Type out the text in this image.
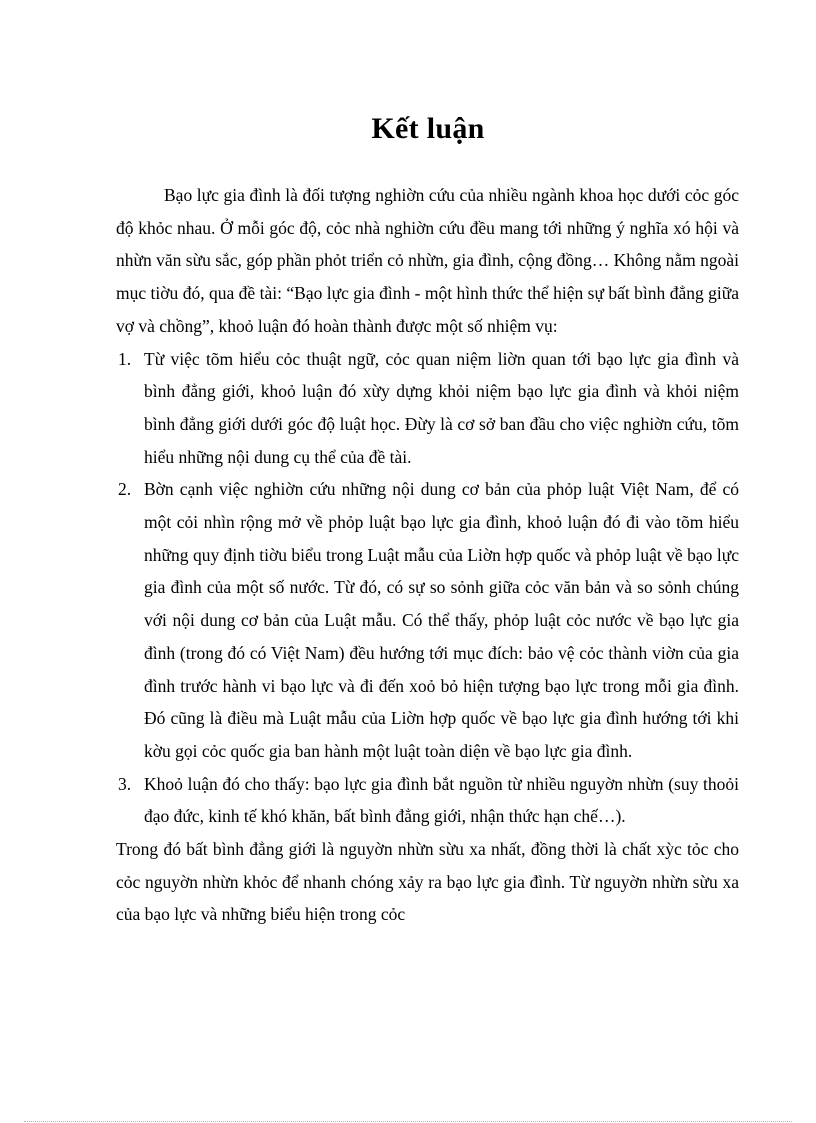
Kết luận

Bạo lực gia đình là đối tượng nghiờn cứu của nhiều ngành khoa học dưới cỏc góc độ khỏc nhau. Ở mỗi góc độ, cỏc nhà nghiờn cứu đều mang tới những ý nghĩa xó hội và nhừn văn sừu sắc, góp phần phỏt triển cỏ nhừn, gia đình, cộng đồng… Không nằm ngoài mục tiờu đó, qua đề tài: “Bạo lực gia đình - một hình thức thể hiện sự bất bình đẳng giữa vợ và chồng”, khoỏ luận đó hoàn thành được một số nhiệm vụ:

1. Từ việc tõm hiểu cỏc thuật ngữ, cỏc quan niệm liờn quan tới bạo lực gia đình và bình đẳng giới, khoỏ luận đó xừy dựng khỏi niệm bạo lực gia đình và khỏi niệm bình đẳng giới dưới góc độ luật học. Đừy là cơ sở ban đầu cho việc nghiờn cứu, tõm hiểu những nội dung cụ thể của đề tài.
2. Bờn cạnh việc nghiờn cứu những nội dung cơ bản của phỏp luật Việt Nam, để có một cỏi nhìn rộng mở về phỏp luật bạo lực gia đình, khoỏ luận đó đi vào tõm hiểu những quy định tiờu biểu trong Luật mẫu của Liờn hợp quốc và phỏp luật về bạo lực gia đình của một số nước. Từ đó, có sự so sỏnh giữa cỏc văn bản và so sỏnh chúng với nội dung cơ bản của Luật mẫu. Có thể thấy, phỏp luật cỏc nước về bạo lực gia đình (trong đó có Việt Nam) đều hướng tới mục đích: bảo vệ cỏc thành viờn của gia đình trước hành vi bạo lực và đi đến xoỏ bỏ hiện tượng bạo lực trong mỗi gia đình. Đó cũng là điều mà Luật mẫu của Liờn hợp quốc về bạo lực gia đình hướng tới khi kờu gọi cỏc quốc gia ban hành một luật toàn diện về bạo lực gia đình.
3. Khoỏ luận đó cho thấy: bạo lực gia đình bắt nguồn từ nhiều nguyờn nhừn (suy thoỏi đạo đức, kinh tế khó khăn, bất bình đẳng giới, nhận thức hạn chế…).

Trong đó bất bình đẳng giới là nguyờn nhừn sừu xa nhất, đồng thời là chất xỳc tỏc cho cỏc nguyờn nhừn khỏc để nhanh chóng xảy ra bạo lực gia đình. Từ nguyờn nhừn sừu xa của bạo lực và những biểu hiện trong cỏc
